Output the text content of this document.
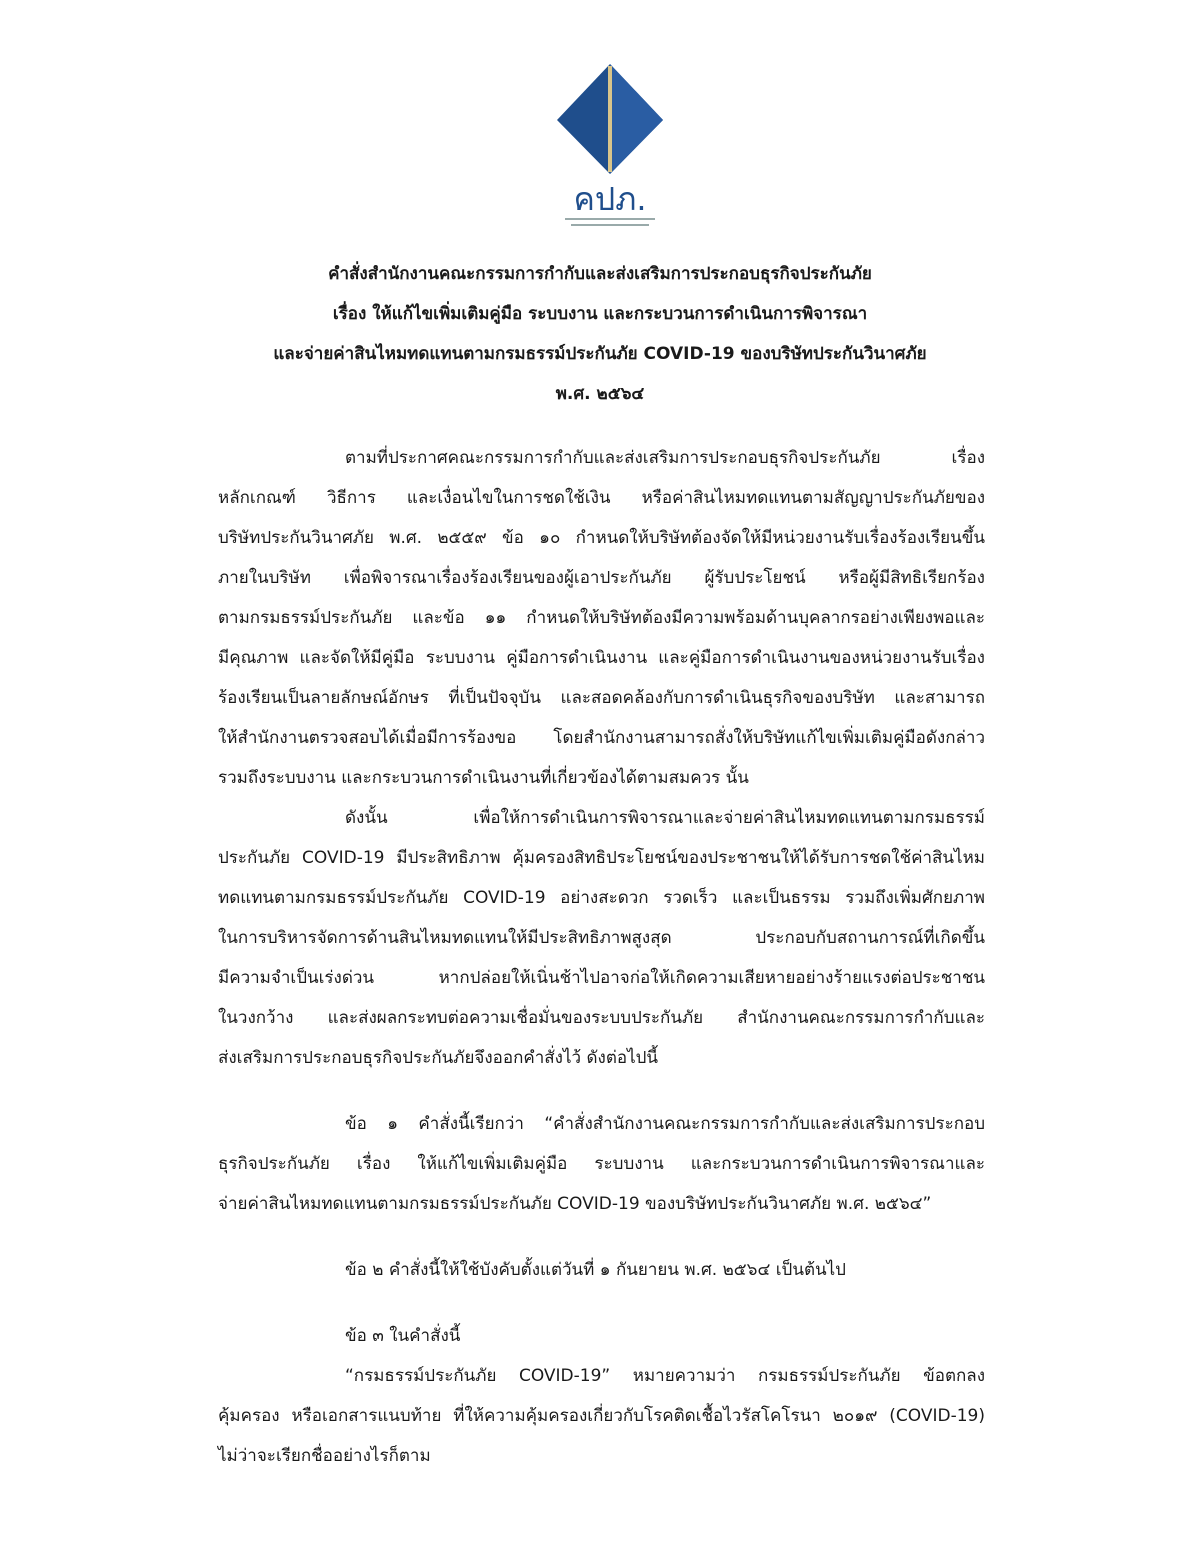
คปภ.
คำสั่งสำนักงานคณะกรรมการกำกับและส่งเสริมการประกอบธุรกิจประกันภัย
เรื่อง ให้แก้ไขเพิ่มเติมคู่มือ ระบบงาน และกระบวนการดำเนินการพิจารณา
และจ่ายค่าสินไหมทดแทนตามกรมธรรม์ประกันภัย COVID-19 ของบริษัทประกันวินาศภัย
พ.ศ. ๒๕๖๔
ตามที่ประกาศคณะกรรมการกำกับและส่งเสริมการประกอบธุรกิจประกันภัย เรื่อง
หลักเกณฑ์ วิธีการ และเงื่อนไขในการชดใช้เงิน หรือค่าสินไหมทดแทนตามสัญญาประกันภัยของ
บริษัทประกันวินาศภัย พ.ศ. ๒๕๕๙ ข้อ ๑๐ กำหนดให้บริษัทต้องจัดให้มีหน่วยงานรับเรื่องร้องเรียนขึ้น
ภายในบริษัท เพื่อพิจารณาเรื่องร้องเรียนของผู้เอาประกันภัย ผู้รับประโยชน์ หรือผู้มีสิทธิเรียกร้อง
ตามกรมธรรม์ประกันภัย และข้อ ๑๑ กำหนดให้บริษัทต้องมีความพร้อมด้านบุคลากรอย่างเพียงพอและ
มีคุณภาพ และจัดให้มีคู่มือ ระบบงาน คู่มือการดำเนินงาน และคู่มือการดำเนินงานของหน่วยงานรับเรื่อง
ร้องเรียนเป็นลายลักษณ์อักษร ที่เป็นปัจจุบัน และสอดคล้องกับการดำเนินธุรกิจของบริษัท และสามารถ
ให้สำนักงานตรวจสอบได้เมื่อมีการร้องขอ โดยสำนักงานสามารถสั่งให้บริษัทแก้ไขเพิ่มเติมคู่มือดังกล่าว
รวมถึงระบบงาน และกระบวนการดำเนินงานที่เกี่ยวข้องได้ตามสมควร นั้น
ดังนั้น เพื่อให้การดำเนินการพิจารณาและจ่ายค่าสินไหมทดแทนตามกรมธรรม์
ประกันภัย COVID-19 มีประสิทธิภาพ คุ้มครองสิทธิประโยชน์ของประชาชนให้ได้รับการชดใช้ค่าสินไหม
ทดแทนตามกรมธรรม์ประกันภัย COVID-19 อย่างสะดวก รวดเร็ว และเป็นธรรม รวมถึงเพิ่มศักยภาพ
ในการบริหารจัดการด้านสินไหมทดแทนให้มีประสิทธิภาพสูงสุด ประกอบกับสถานการณ์ที่เกิดขึ้น
มีความจำเป็นเร่งด่วน หากปล่อยให้เนิ่นช้าไปอาจก่อให้เกิดความเสียหายอย่างร้ายแรงต่อประชาชน
ในวงกว้าง และส่งผลกระทบต่อความเชื่อมั่นของระบบประกันภัย สำนักงานคณะกรรมการกำกับและ
ส่งเสริมการประกอบธุรกิจประกันภัยจึงออกคำสั่งไว้ ดังต่อไปนี้
ข้อ ๑ คำสั่งนี้เรียกว่า “คำสั่งสำนักงานคณะกรรมการกำกับและส่งเสริมการประกอบ
ธุรกิจประกันภัย เรื่อง ให้แก้ไขเพิ่มเติมคู่มือ ระบบงาน และกระบวนการดำเนินการพิจารณาและ
จ่ายค่าสินไหมทดแทนตามกรมธรรม์ประกันภัย COVID-19 ของบริษัทประกันวินาศภัย พ.ศ. ๒๕๖๔”
ข้อ ๒ คำสั่งนี้ให้ใช้บังคับตั้งแต่วันที่ ๑ กันยายน พ.ศ. ๒๕๖๔ เป็นต้นไป
ข้อ ๓ ในคำสั่งนี้
“กรมธรรม์ประกันภัย COVID-19” หมายความว่า กรมธรรม์ประกันภัย ข้อตกลง
คุ้มครอง หรือเอกสารแนบท้าย ที่ให้ความคุ้มครองเกี่ยวกับโรคติดเชื้อไวรัสโคโรนา ๒๐๑๙ (COVID-19)
ไม่ว่าจะเรียกชื่ออย่างไรก็ตาม
